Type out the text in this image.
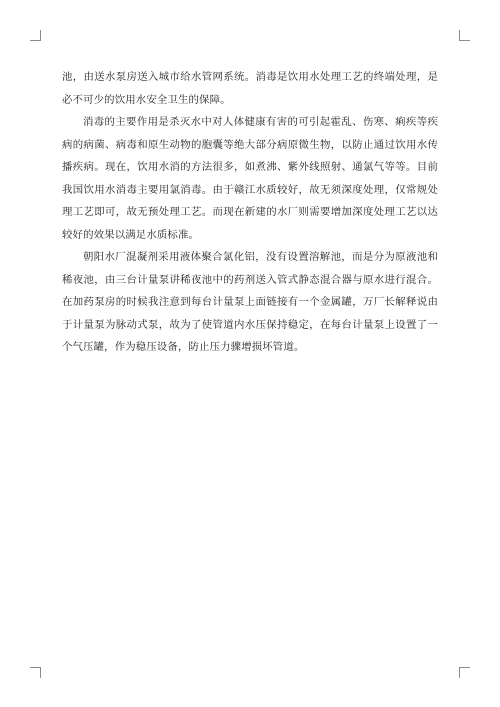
池，由送水泵房送入城市给水管网系统。消毒是饮用水处理工艺的终端处理，是必不可少的饮用水安全卫生的保障。

消毒的主要作用是杀灭水中对人体健康有害的可引起霍乱、伤寒、痢疾等疾病的病菌、病毒和原生动物的胞囊等绝大部分病原微生物，以防止通过饮用水传播疾病。现在，饮用水消的方法很多，如煮沸、紫外线照射、通氯气等等。目前我国饮用水消毒主要用氯消毒。由于赣江水质较好，故无须深度处理，仅常规处理工艺即可，故无预处理工艺。而现在新建的水厂则需要增加深度处理工艺以达较好的效果以满足水质标准。

朝阳水厂混凝剂采用液体聚合氯化铝，没有设置溶解池，而是分为原液池和稀夜池，由三台计量泵讲稀夜池中的药剂送入管式静态混合器与原水进行混合。在加药泵房的时候我注意到每台计量泵上面链接有一个金属罐，万厂长解释说由于计量泵为脉动式泵，故为了使管道内水压保持稳定，在每台计量泵上设置了一个气压罐，作为稳压设备，防止压力骤增损坏管道。
